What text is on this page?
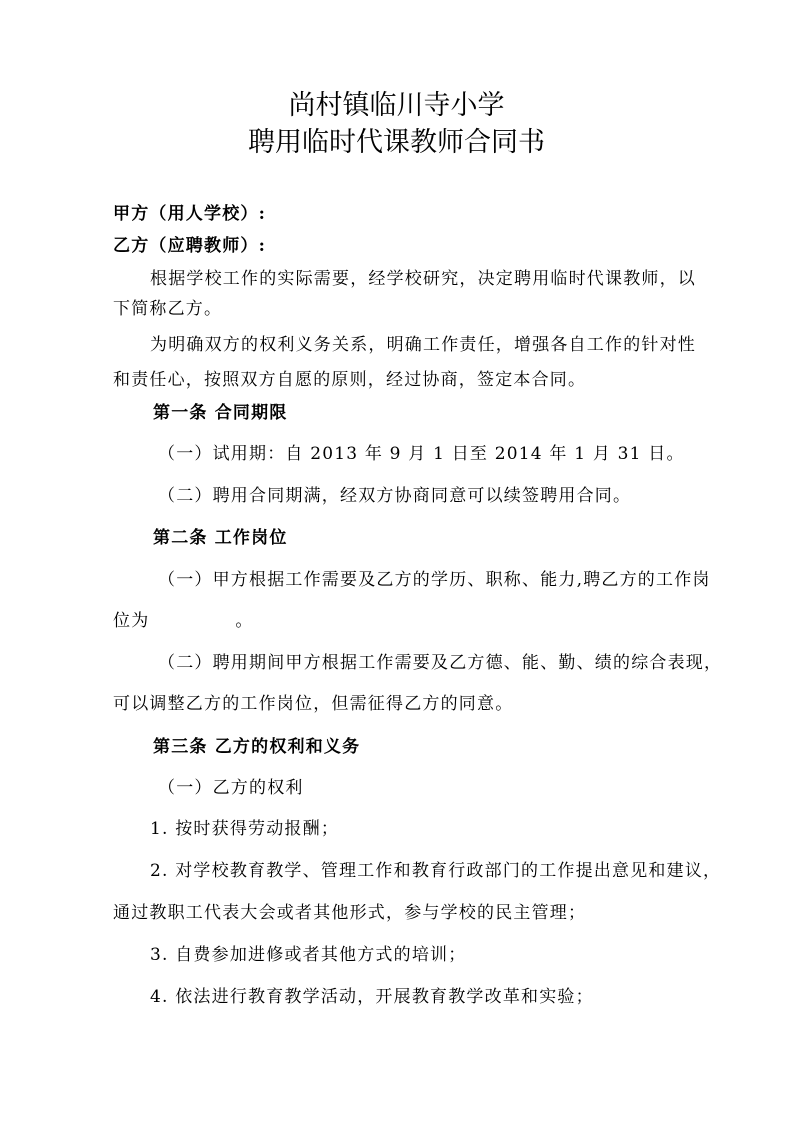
尚村镇临川寺小学
聘用临时代课教师合同书
甲方（用人学校）:
乙方（应聘教师）:
根据学校工作的实际需要，经学校研究，决定聘用临时代课教师，以
下简称乙方。
为明确双方的权利义务关系，明确工作责任，增强各自工作的针对性
和责任心，按照双方自愿的原则，经过协商，签定本合同。
第一条 合同期限
（一）试用期：自 2013 年 9 月 1 日至 2014 年 1 月 31 日。
（二）聘用合同期满，经双方协商同意可以续签聘用合同。
第二条 工作岗位
（一）甲方根据工作需要及乙方的学历、职称、能力,聘乙方的工作岗
位为	。
（二）聘用期间甲方根据工作需要及乙方德、能、勤、绩的综合表现，
可以调整乙方的工作岗位，但需征得乙方的同意。
第三条 乙方的权利和义务
（一）乙方的权利
1. 按时获得劳动报酬；
2. 对学校教育教学、管理工作和教育行政部门的工作提出意见和建议，
通过教职工代表大会或者其他形式，参与学校的民主管理；
3. 自费参加进修或者其他方式的培训；
4. 依法进行教育教学活动，开展教育教学改革和实验；
